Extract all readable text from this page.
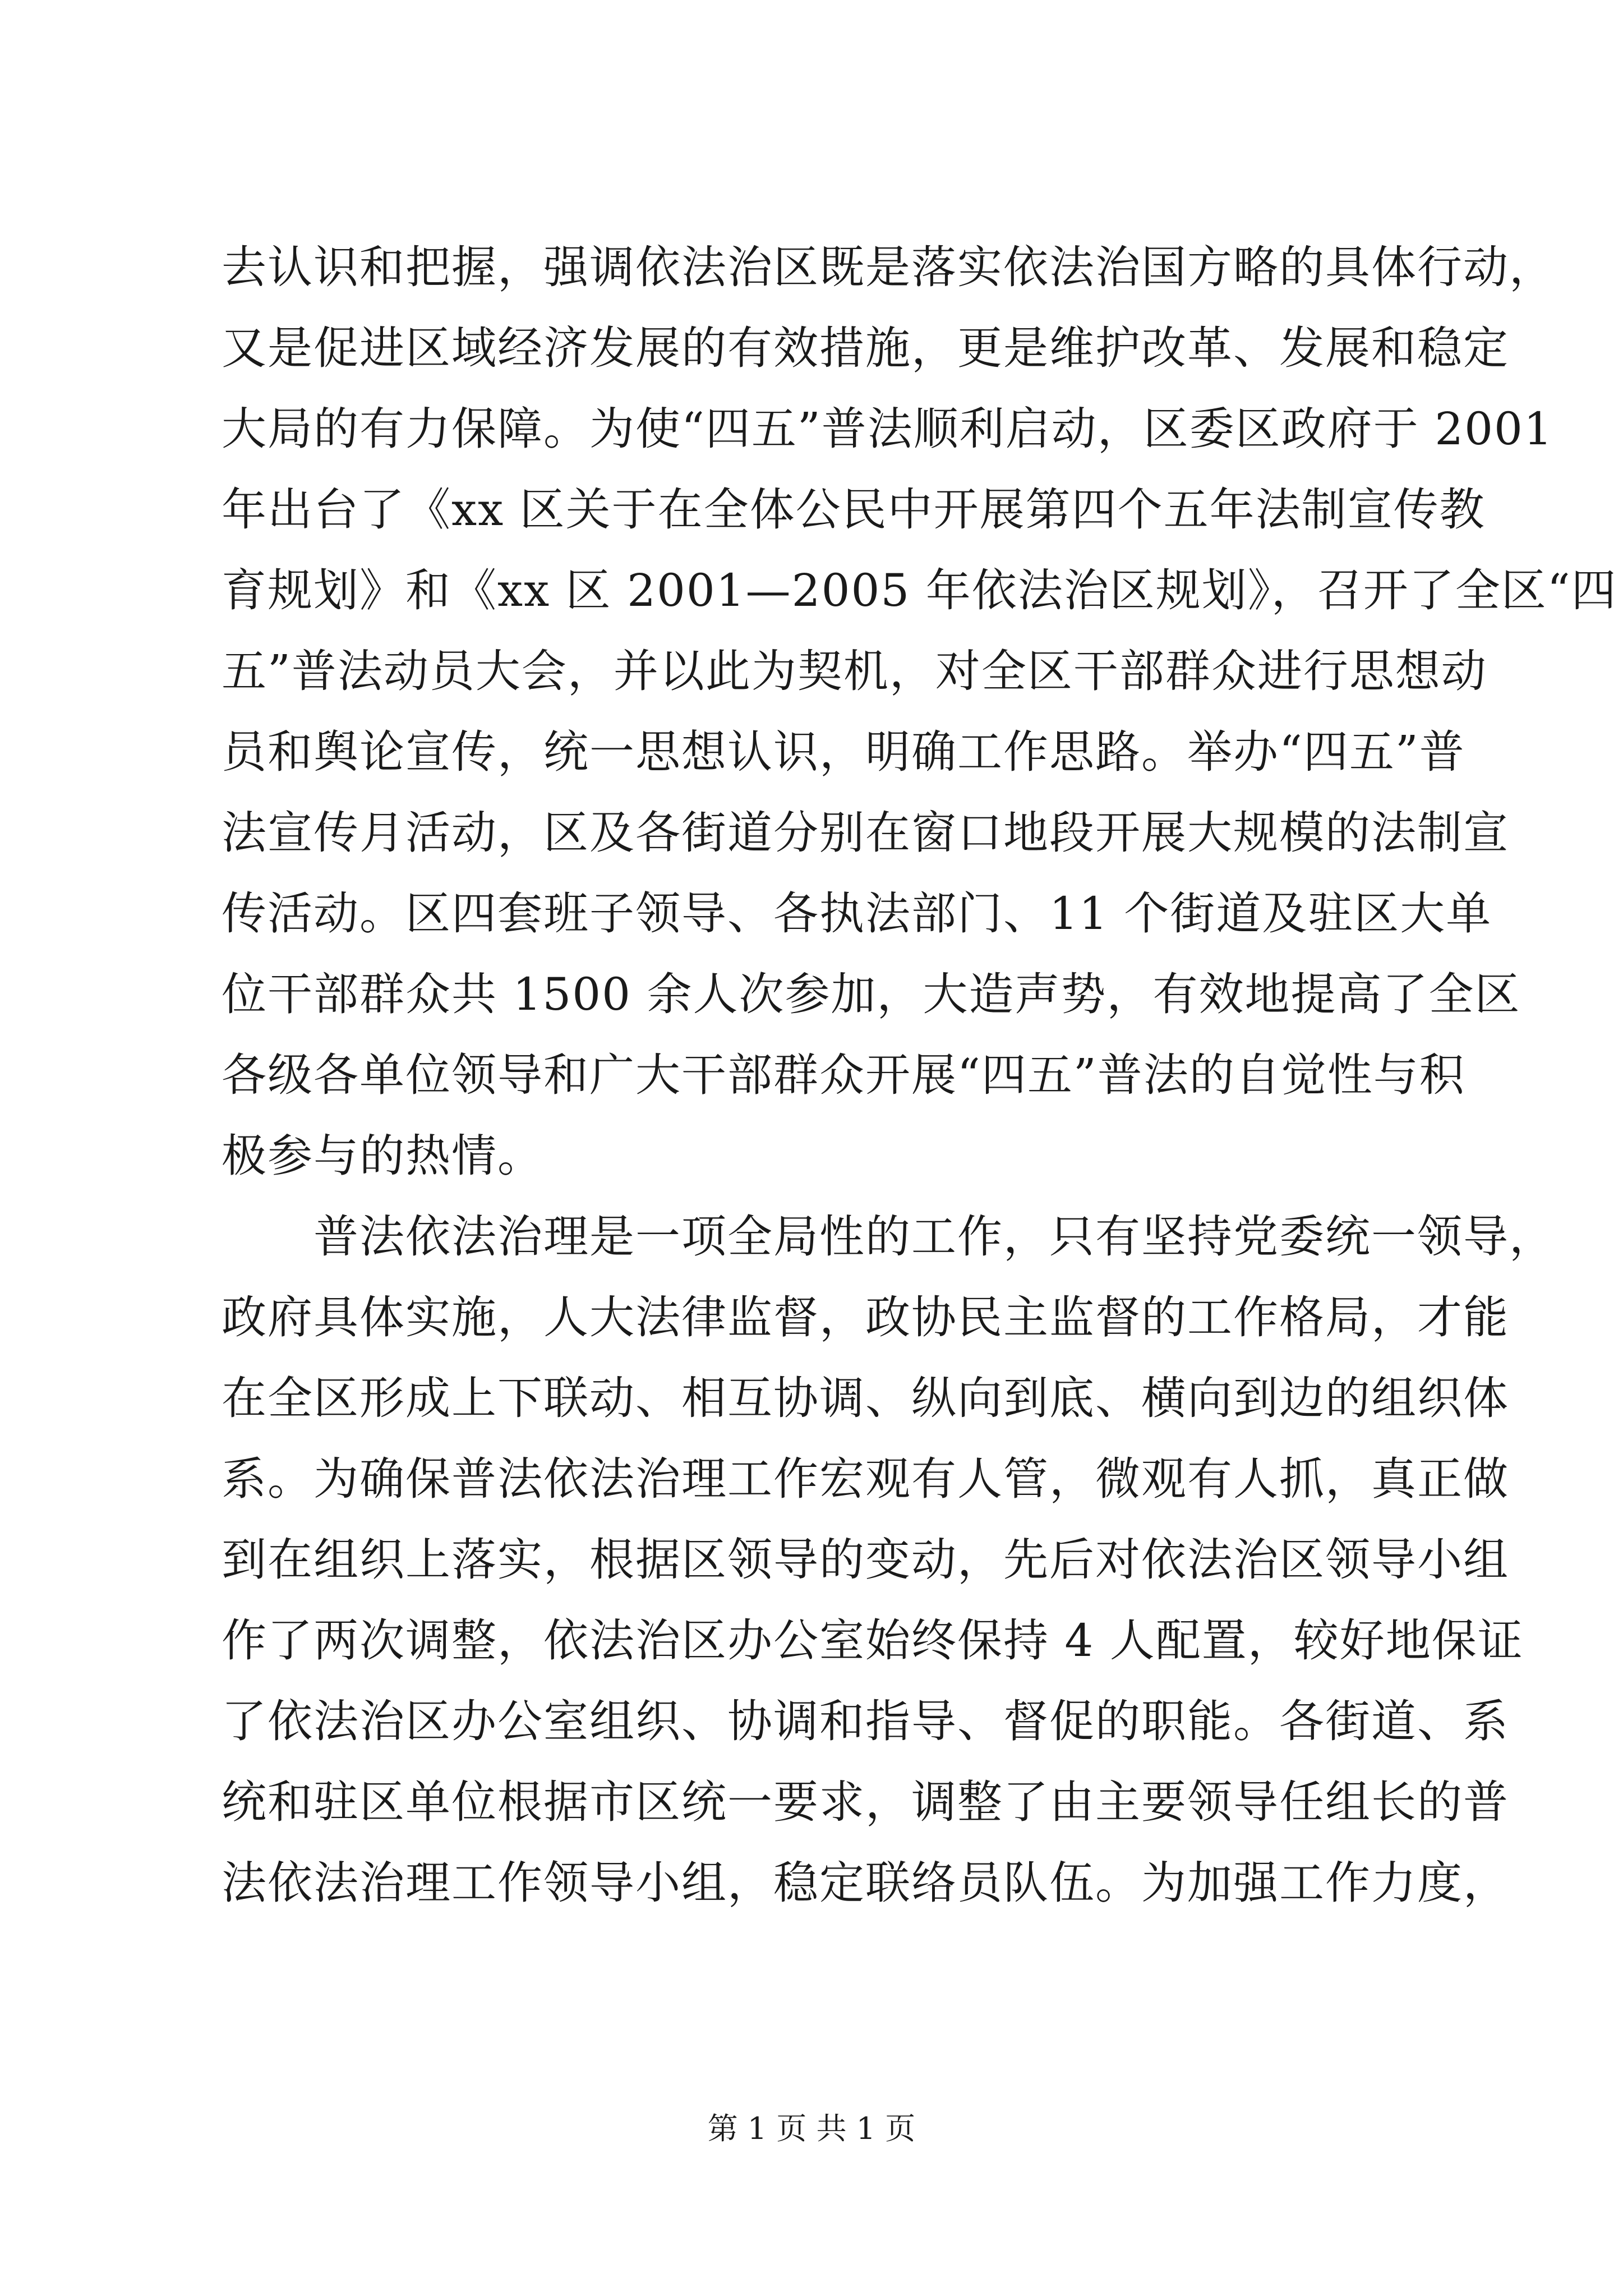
去认识和把握，强调依法治区既是落实依法治国方略的具体行动，
又是促进区域经济发展的有效措施，更是维护改革、发展和稳定
大局的有力保障。为使“四五”普法顺利启动，区委区政府于 2001
年出台了《xx 区关于在全体公民中开展第四个五年法制宣传教
育规划》和《xx 区 2001—2005 年依法治区规划》，召开了全区“四
五”普法动员大会，并以此为契机，对全区干部群众进行思想动
员和舆论宣传，统一思想认识，明确工作思路。举办“四五”普
法宣传月活动，区及各街道分别在窗口地段开展大规模的法制宣
传活动。区四套班子领导、各执法部门、11 个街道及驻区大单
位干部群众共 1500 余人次参加，大造声势，有效地提高了全区
各级各单位领导和广大干部群众开展“四五”普法的自觉性与积
极参与的热情。
　　普法依法治理是一项全局性的工作，只有坚持党委统一领导，
政府具体实施，人大法律监督，政协民主监督的工作格局，才能
在全区形成上下联动、相互协调、纵向到底、横向到边的组织体
系。为确保普法依法治理工作宏观有人管，微观有人抓，真正做
到在组织上落实，根据区领导的变动，先后对依法治区领导小组
作了两次调整，依法治区办公室始终保持 4 人配置，较好地保证
了依法治区办公室组织、协调和指导、督促的职能。各街道、系
统和驻区单位根据市区统一要求，调整了由主要领导任组长的普
法依法治理工作领导小组，稳定联络员队伍。为加强工作力度，
第 1 页 共 1 页
